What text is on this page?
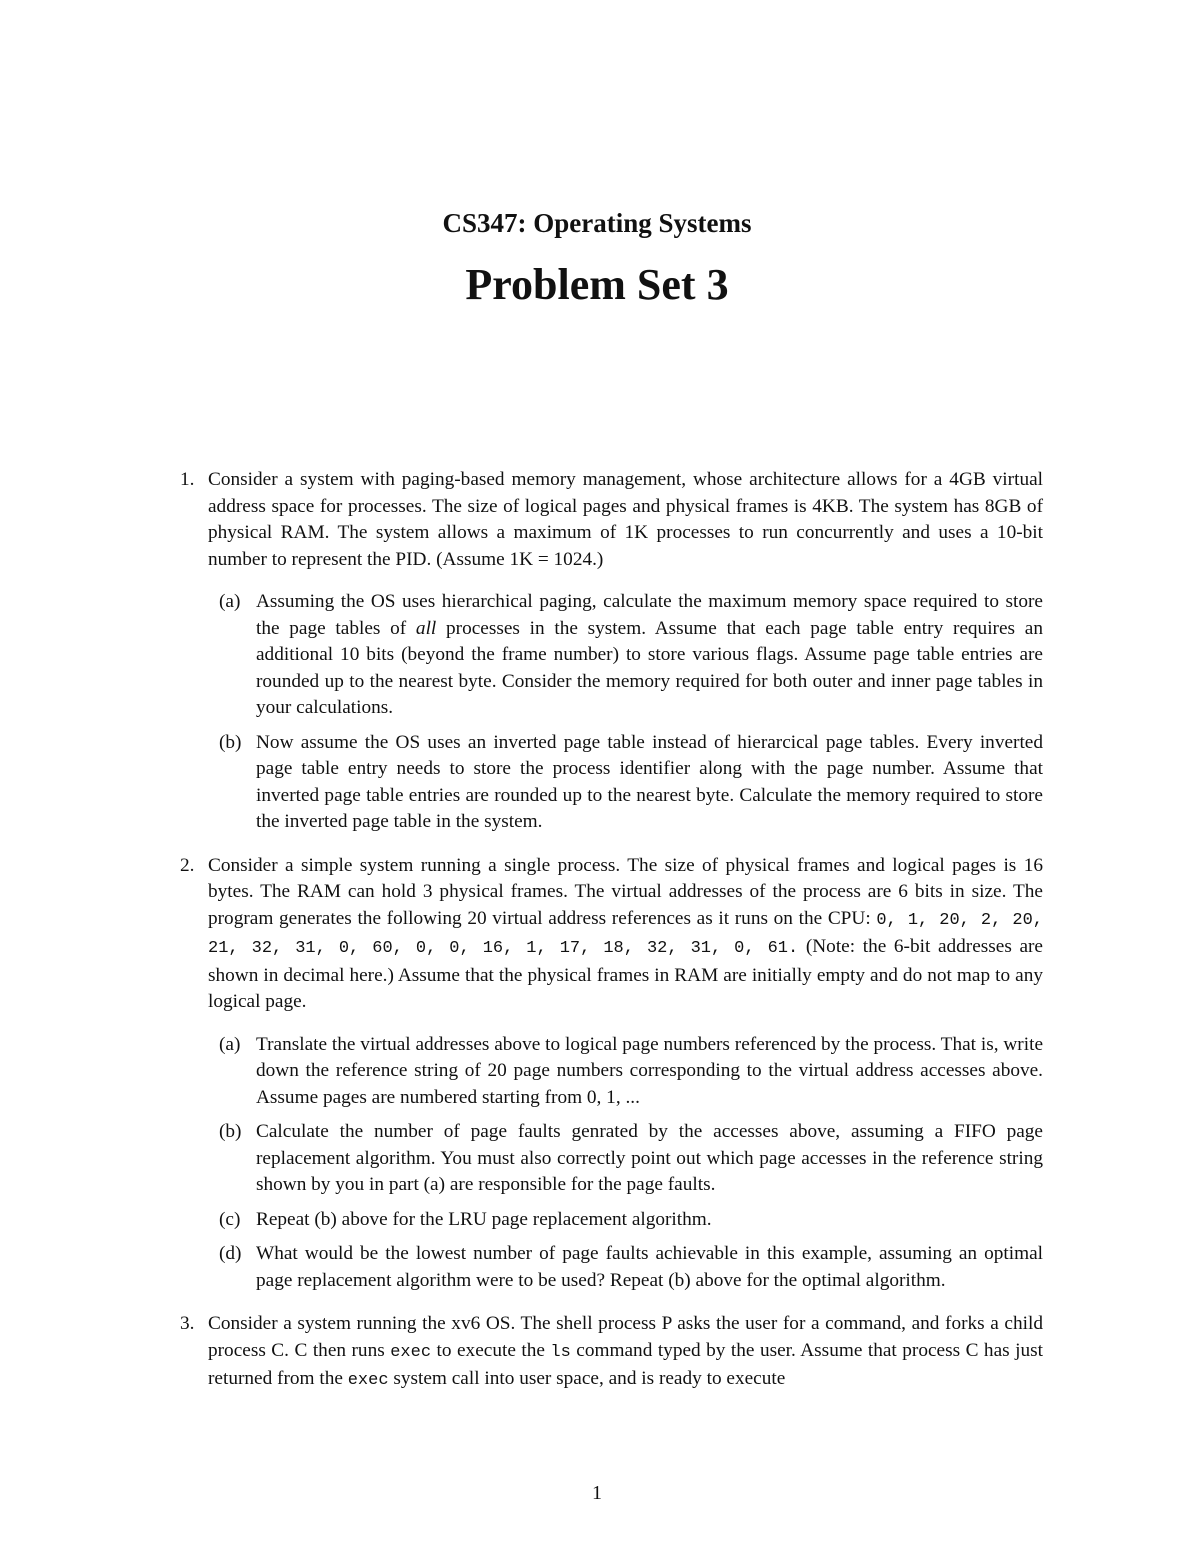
CS347: Operating Systems
Problem Set 3
1. Consider a system with paging-based memory management, whose architecture allows for a 4GB virtual address space for processes. The size of logical pages and physical frames is 4KB. The system has 8GB of physical RAM. The system allows a maximum of 1K processes to run concurrently and uses a 10-bit number to represent the PID. (Assume 1K = 1024.)
(a) Assuming the OS uses hierarchical paging, calculate the maximum memory space required to store the page tables of all processes in the system. Assume that each page table entry requires an additional 10 bits (beyond the frame number) to store various flags. Assume page table entries are rounded up to the nearest byte. Consider the memory required for both outer and inner page tables in your calculations.
(b) Now assume the OS uses an inverted page table instead of hierarcical page tables. Every inverted page table entry needs to store the process identifier along with the page number. Assume that inverted page table entries are rounded up to the nearest byte. Calculate the memory required to store the inverted page table in the system.
2. Consider a simple system running a single process. The size of physical frames and logical pages is 16 bytes. The RAM can hold 3 physical frames. The virtual addresses of the process are 6 bits in size. The program generates the following 20 virtual address references as it runs on the CPU: 0, 1, 20, 2, 20, 21, 32, 31, 0, 60, 0, 0, 16, 1, 17, 18, 32, 31, 0, 61. (Note: the 6-bit addresses are shown in decimal here.) Assume that the physical frames in RAM are initially empty and do not map to any logical page.
(a) Translate the virtual addresses above to logical page numbers referenced by the process. That is, write down the reference string of 20 page numbers corresponding to the virtual address accesses above. Assume pages are numbered starting from 0, 1, ...
(b) Calculate the number of page faults genrated by the accesses above, assuming a FIFO page replacement algorithm. You must also correctly point out which page accesses in the reference string shown by you in part (a) are responsible for the page faults.
(c) Repeat (b) above for the LRU page replacement algorithm.
(d) What would be the lowest number of page faults achievable in this example, assuming an optimal page replacement algorithm were to be used? Repeat (b) above for the optimal algorithm.
3. Consider a system running the xv6 OS. The shell process P asks the user for a command, and forks a child process C. C then runs exec to execute the ls command typed by the user. Assume that process C has just returned from the exec system call into user space, and is ready to execute
1
